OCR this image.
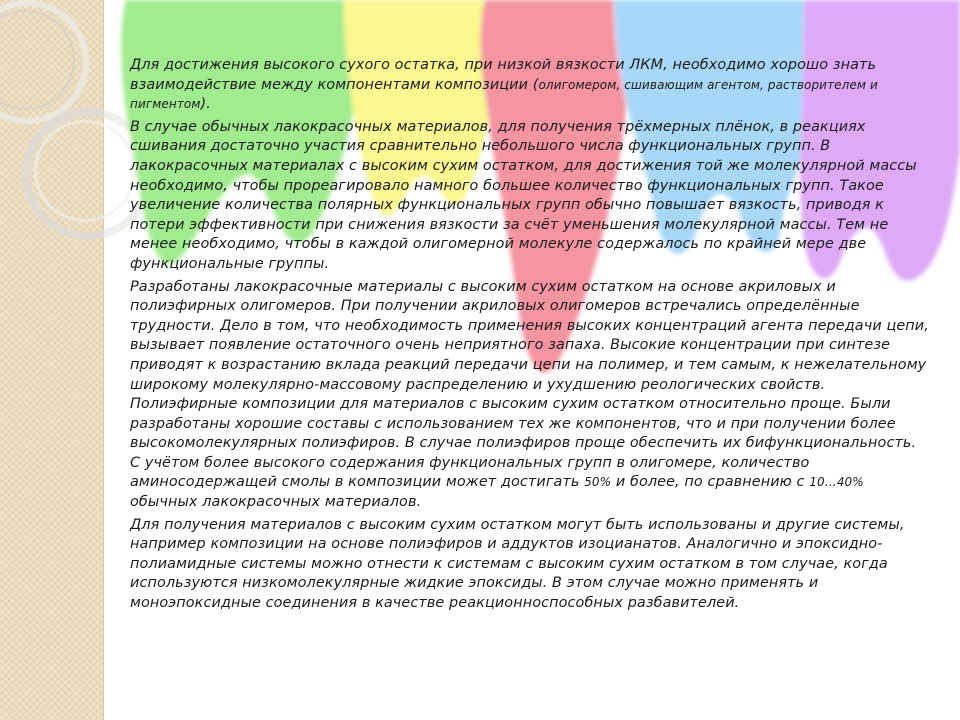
Для достижения высокого сухого остатка, при низкой вязкости ЛКМ, необходимо хорошо знать взаимодействие между компонентами композиции (олигомером, сшивающим агентом, растворителем и пигментом).

В случае обычных лакокрасочных материалов, для получения трёхмерных плёнок, в реакциях сшивания достаточно участия сравнительно небольшого числа функциональных групп. В лакокрасочных материалах с высоким сухим остатком, для достижения той же молекулярной массы необходимо, чтобы прореагировало намного большее количество функциональных групп. Такое увеличение количества полярных функциональных групп обычно повышает вязкость, приводя к потери эффективности при снижения вязкости за счёт уменьшения молекулярной массы. Тем не менее необходимо, чтобы в каждой олигомерной молекуле содержалось по крайней мере две функциональные группы.

Разработаны лакокрасочные материалы с высоким сухим остатком на основе акриловых и полиэфирных олигомеров. При получении акриловых олигомеров встречались определённые трудности. Дело в том, что необходимость применения высоких концентраций агента передачи цепи, вызывает появление остаточного очень неприятного запаха. Высокие концентрации при синтезе приводят к возрастанию вклада реакций передачи цепи на полимер, и тем самым, к нежелательному широкому молекулярно-массовому распределению и ухудшению реологических свойств. Полиэфирные композиции для материалов с высоким сухим остатком относительно проще. Были разработаны хорошие составы с использованием тех же компонентов, что и при получении более высокомолекулярных полиэфиров. В случае полиэфиров проще обеспечить их бифункциональность. С учётом более высокого содержания функциональных групп в олигомере, количество аминосодержащей смолы в композиции может достигать 50% и более, по сравнению с 10…40% обычных лакокрасочных материалов.

Для получения материалов с высоким сухим остатком могут быть использованы и другие системы, например композиции на основе полиэфиров и аддуктов изоцианатов. Аналогично и эпоксидно-полиамидные системы можно отнести к системам с высоким сухим остатком в том случае, когда используются низкомолекулярные жидкие эпоксиды. В этом случае можно применять и моноэпоксидные соединения в качестве реакционноспособных разбавителей.
